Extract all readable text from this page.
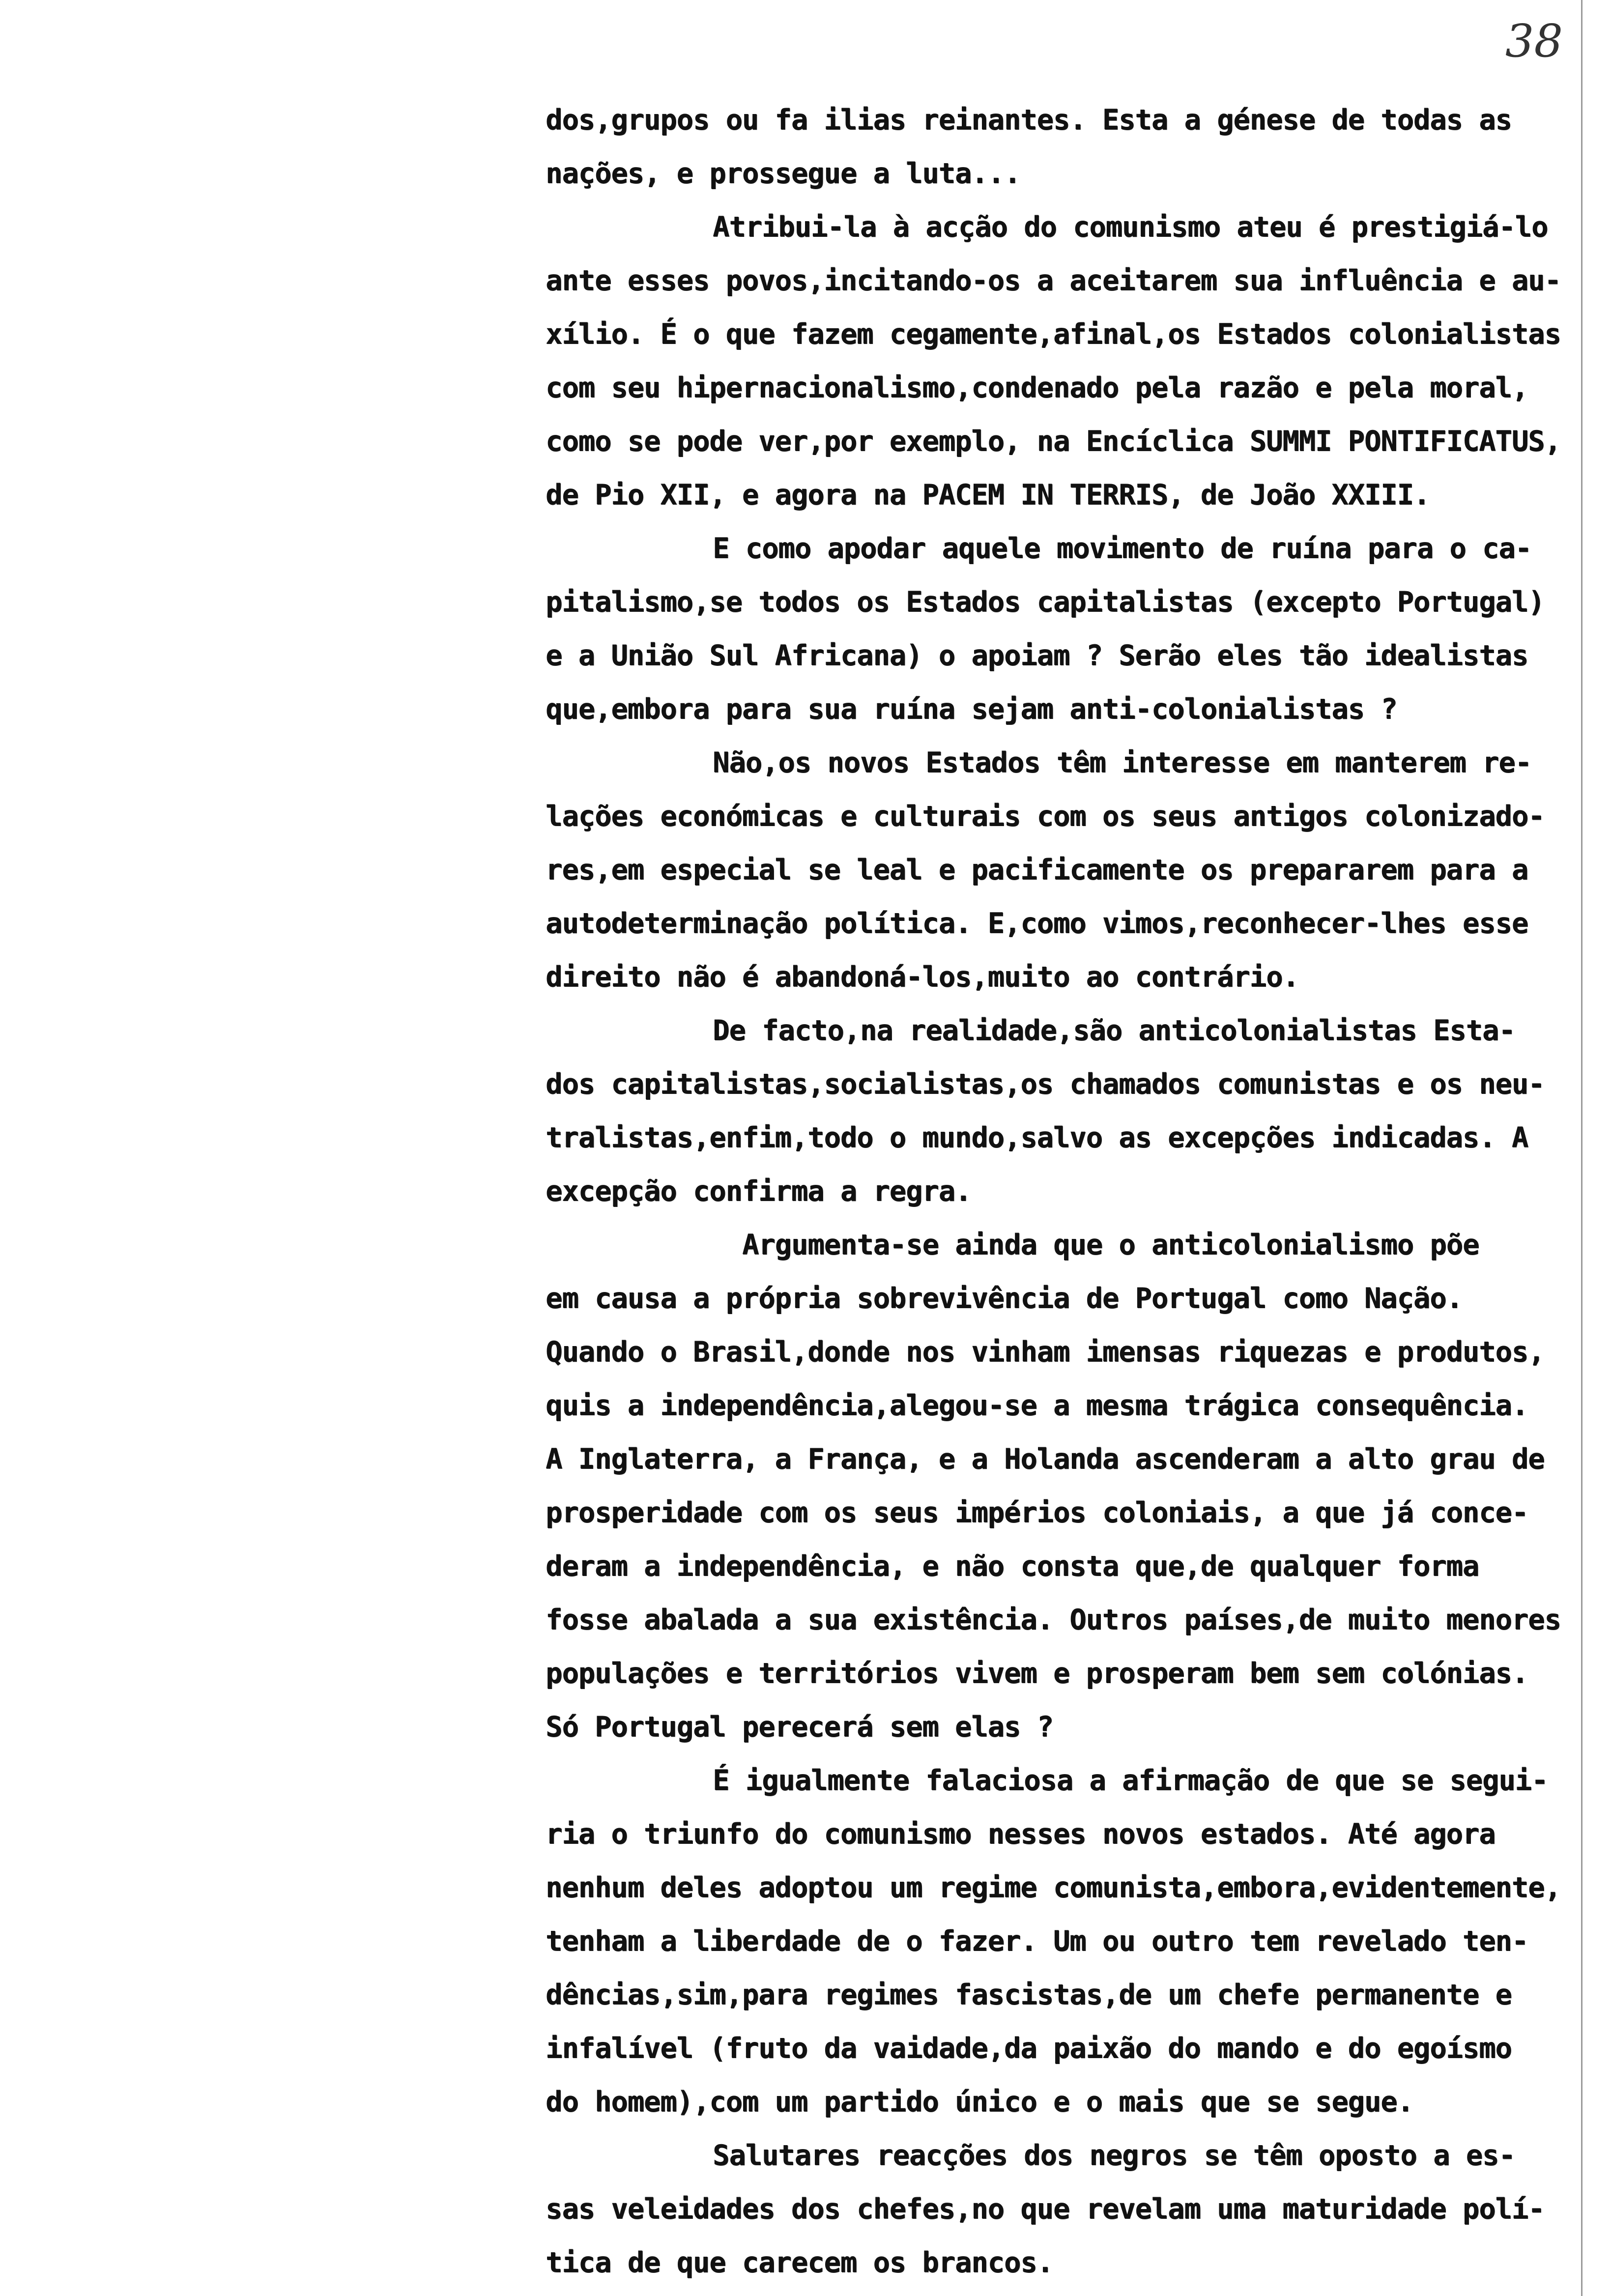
38
dos,grupos ou fa ilias reinantes. Esta a génese de todas as
nações, e prossegue a luta...
Atribui-la à acção do comunismo ateu é prestigiá-lo
ante esses povos,incitando-os a aceitarem sua influência e au-
xílio. É o que fazem cegamente,afinal,os Estados colonialistas
com seu hipernacionalismo,condenado pela razão e pela moral,
como se pode ver,por exemplo, na Encíclica SUMMI PONTIFICATUS,
de Pio XII, e agora na PACEM IN TERRIS, de João XXIII.
E como apodar aquele movimento de ruína para o ca-
pitalismo,se todos os Estados capitalistas (excepto Portugal)
e a União Sul Africana) o apoiam ? Serão eles tão idealistas
que,embora para sua ruína sejam anti-colonialistas ?
Não,os novos Estados têm interesse em manterem re-
lações económicas e culturais com os seus antigos colonizado-
res,em especial se leal e pacificamente os prepararem para a
autodeterminação política. E,como vimos,reconhecer-lhes esse
direito não é abandoná-los,muito ao contrário.
De facto,na realidade,são anticolonialistas Esta-
dos capitalistas,socialistas,os chamados comunistas e os neu-
tralistas,enfim,todo o mundo,salvo as excepções indicadas. A
excepção confirma a regra.
Argumenta-se ainda que o anticolonialismo põe
em causa a própria sobrevivência de Portugal como Nação.
Quando o Brasil,donde nos vinham imensas riquezas e produtos,
quis a independência,alegou-se a mesma trágica consequência.
A Inglaterra, a França, e a Holanda ascenderam a alto grau de
prosperidade com os seus impérios coloniais, a que já conce-
deram a independência, e não consta que,de qualquer forma
fosse abalada a sua existência. Outros países,de muito menores
populações e territórios vivem e prosperam bem sem colónias.
Só Portugal perecerá sem elas ?
É igualmente falaciosa a afirmação de que se segui-
ria o triunfo do comunismo nesses novos estados. Até agora
nenhum deles adoptou um regime comunista,embora,evidentemente,
tenham a liberdade de o fazer. Um ou outro tem revelado ten-
dências,sim,para regimes fascistas,de um chefe permanente e
infalível (fruto da vaidade,da paixão do mando e do egoísmo
do homem),com um partido único e o mais que se segue.
Salutares reacções dos negros se têm oposto a es-
sas veleidades dos chefes,no que revelam uma maturidade polí-
tica de que carecem os brancos.
